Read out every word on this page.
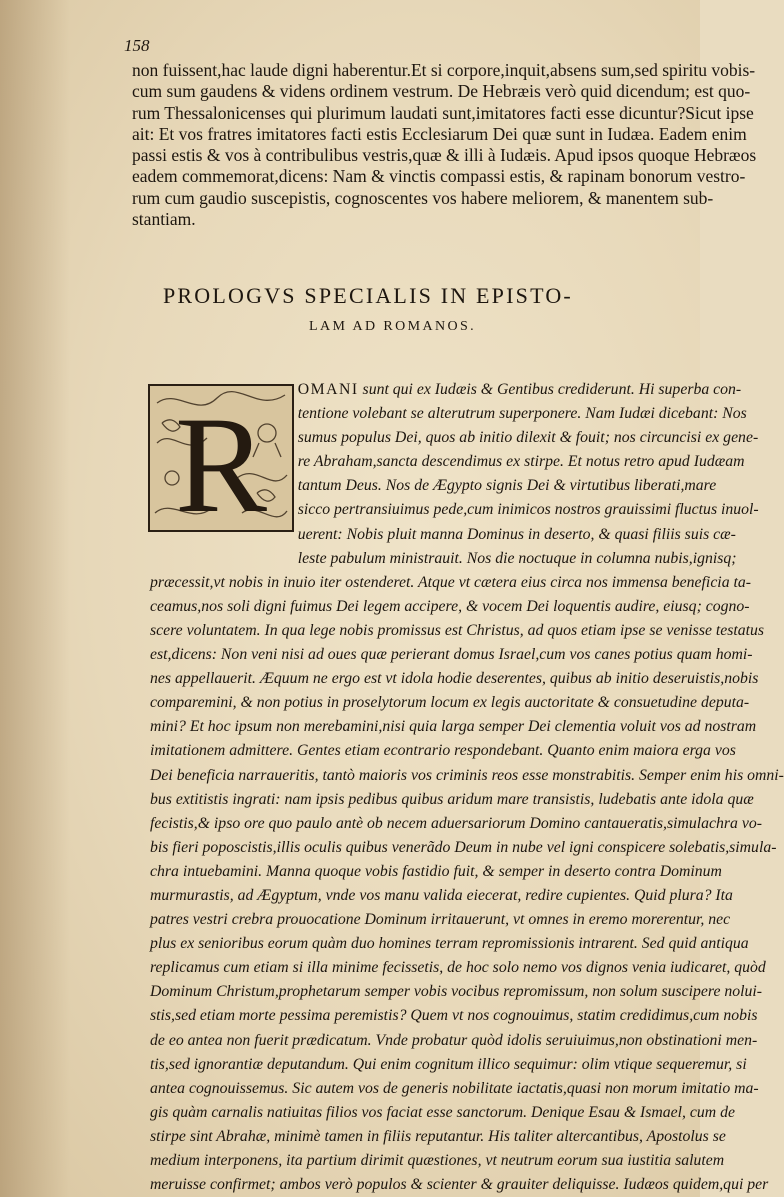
158
non fuissent,hac laude digni haberentur.Et si corpore,inquit,absens sum,sed spiritu vobis-
cum sum gaudens & videns ordinem vestrum. De Hebræis verò quid dicendum; est quo-
rum Thessalonicenses qui plurimum laudati sunt,imitatores facti esse dicuntur?Sicut ipse
ait: Et vos fratres imitatores facti estis Ecclesiarum Dei quæ sunt in Iudæa. Eadem enim
passi estis & vos à contribulibus vestris,quæ & illi à Iudæis. Apud ipsos quoque Hebræos
eadem commemorat,dicens: Nam & vinctis compassi estis, & rapinam bonorum vestro-
rum cum gaudio suscepistis, cognoscentes vos habere meliorem, & manentem sub-
stantiam.
PROLOGVS SPECIALIS IN EPISTO-
LAM AD ROMANOS.
R	OMANI sunt qui ex Iudæis & Gentibus crediderunt. Hi superba con-
tentione volebant se alterutrum superponere. Nam Iudæi dicebant: Nos
sumus populus Dei, quos ab initio dilexit & fouit; nos circuncisi ex gene-
re Abraham,sancta descendimus ex stirpe. Et notus retro apud Iudæam
tantum Deus. Nos de Ægypto signis Dei & virtutibus liberati,mare
sicco pertransiuimus pede,cum inimicos nostros grauissimi fluctus inuol-
uerent: Nobis pluit manna Dominus in deserto, & quasi filiis suis cæ-
leste pabulum ministrauit. Nos die noctuque in columna nubis,ignisq;
præcessit,vt nobis in inuio iter ostenderet. Atque vt cætera eius circa nos immensa beneficia ta-
ceamus,nos soli digni fuimus Dei legem accipere, & vocem Dei loquentis audire, eiusq; cogno-
scere voluntatem. In qua lege nobis promissus est Christus, ad quos etiam ipse se venisse testatus
est,dicens: Non veni nisi ad oues quæ perierant domus Israel,cum vos canes potius quam homi-
nes appellauerit. Æquum ne ergo est vt idola hodie deserentes, quibus ab initio deseruistis,nobis
comparemini, & non potius in proselytorum locum ex legis auctoritate & consuetudine deputa-
mini? Et hoc ipsum non merebamini,nisi quia larga semper Dei clementia voluit vos ad nostram
imitationem admittere. Gentes etiam econtrario respondebant. Quanto enim maiora erga vos
Dei beneficia narraueritis, tantò maioris vos criminis reos esse monstrabitis. Semper enim his omni-
bus extitistis ingrati: nam ipsis pedibus quibus aridum mare transistis, ludebatis ante idola quæ
fecistis,& ipso ore quo paulo antè ob necem aduersariorum Domino cantaueratis,simulachra vo-
bis fieri poposcistis,illis oculis quibus venerãdo Deum in nube vel igni conspicere solebatis,simula-
chra intuebamini. Manna quoque vobis fastidio fuit, & semper in deserto contra Dominum
murmurastis, ad Ægyptum, vnde vos manu valida eiecerat, redire cupientes. Quid plura? Ita
patres vestri crebra prouocatione Dominum irritauerunt, vt omnes in eremo morerentur, nec
plus ex senioribus eorum quàm duo homines terram repromissionis intrarent. Sed quid antiqua
replicamus cum etiam si illa minime fecissetis, de hoc solo nemo vos dignos venia iudicaret, quòd
Dominum Christum,prophetarum semper vobis vocibus repromissum, non solum suscipere nolui-
stis,sed etiam morte pessima peremistis? Quem vt nos cognouimus, statim credidimus,cum nobis
de eo antea non fuerit prædicatum. Vnde probatur quòd idolis seruiuimus,non obstinationi men-
tis,sed ignorantiæ deputandum. Qui enim cognitum illico sequimur: olim vtique sequeremur, si
antea cognouissemus. Sic autem vos de generis nobilitate iactatis,quasi non morum imitatio ma-
gis quàm carnalis natiuitas filios vos faciat esse sanctorum. Denique Esau & Ismael, cum de
stirpe sint Abrahæ, minimè tamen in filiis reputantur. His taliter altercantibus, Apostolus se
medium interponens, ita partium dirimit quæstiones, vt neutrum eorum sua iustitia salutem
meruisse confirmet; ambos verò populos & scienter & grauiter deliquisse. Iudæos quidem,qui per
